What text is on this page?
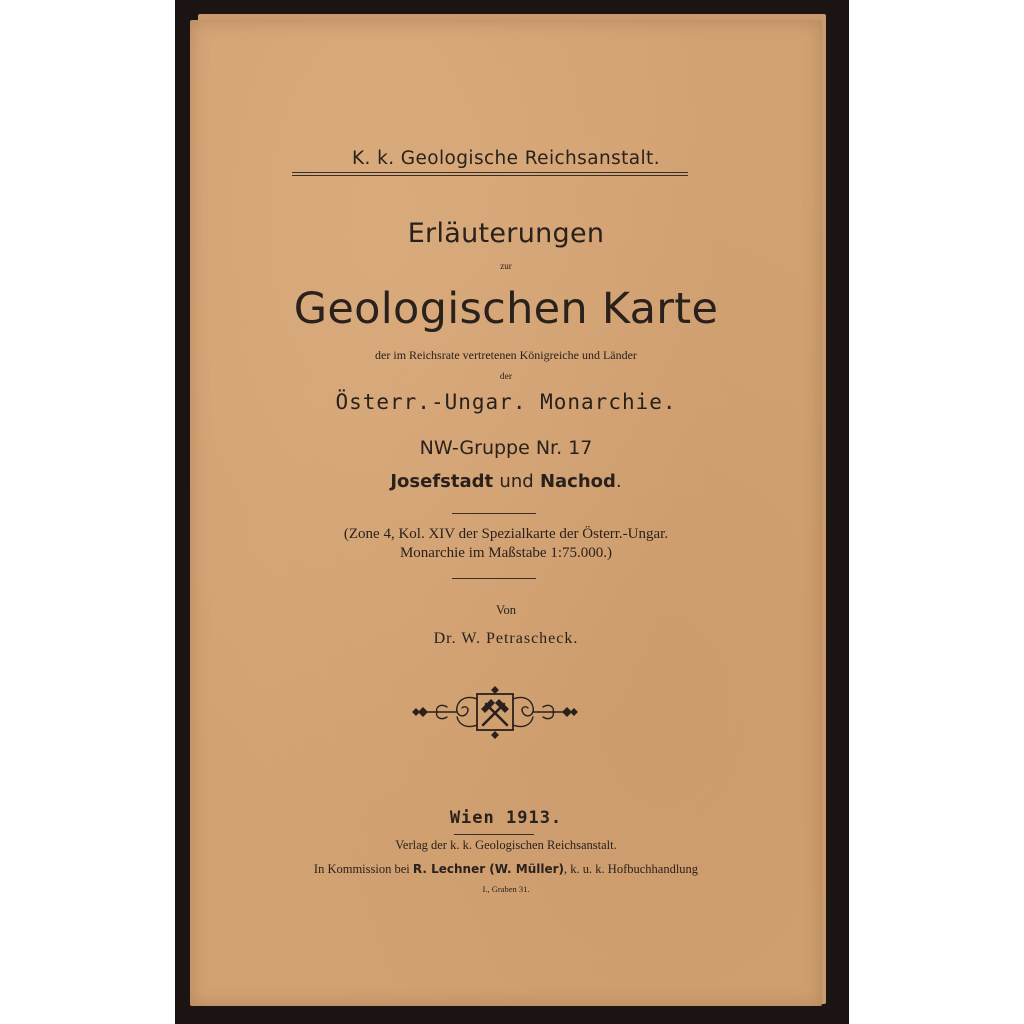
K. k. Geologische Reichsanstalt.
Erläuterungen
zur
Geologischen Karte
der im Reichsrate vertretenen Königreiche und Länder
der
Österr.-Ungar. Monarchie.
NW-Gruppe Nr. 17
Josefstadt und Nachod.
(Zone 4, Kol. XIV der Spezialkarte der Österr.-Ungar.
Monarchie im Maßstabe 1:75.000.)
Von
Dr. W. Petrascheck.
Wien 1913.
Verlag der k. k. Geologischen Reichsanstalt.
In Kommission bei R. Lechner (W. Müller), k. u. k. Hofbuchhandlung
I., Graben 31.
